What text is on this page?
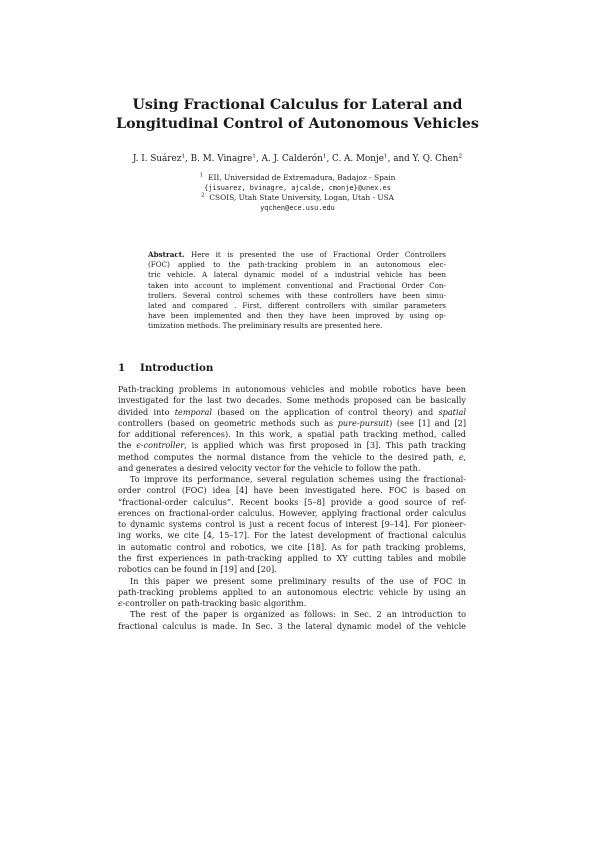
Using Fractional Calculus for Lateral and
Longitudinal Control of Autonomous Vehicles
J. I. Suárez$^1$, B. M. Vinagre$^1$, A. J. Calderón$^1$, C. A. Monje$^1$, and Y. Q. Chen$^2$
$^1$ EII, Universidad de Extremadura, Badajoz - Spain
{jisuarez, bvinagre, ajcalde, cmonje}@unex.es
$^2$ CSOIS, Utah State University, Logan, Utah - USA
yqchen@ece.usu.edu
Abstract. Here it is presented the use of Fractional Order Controllers
(FOC) applied to the path-tracking problem in an autonomous elec-
tric vehicle. A lateral dynamic model of a industrial vehicle has been
taken into account to implement conventional and Fractional Order Con-
trollers. Several control schemes with these controllers have been simu-
lated and compared . First, different controllers with similar parameters
have been implemented and then they have been improved by using op-
timization methods. The preliminary results are presented here.
1 Introduction
Path-tracking problems in autonomous vehicles and mobile robotics have been
investigated for the last two decades. Some methods proposed can be basically
divided into temporal (based on the application of control theory) and spatial
controllers (based on geometric methods such as pure-pursuit) (see [1] and [2]
for additional references). In this work, a spatial path tracking method, called
the ϵ-controller, is applied which was first proposed in [3]. This path tracking
method computes the normal distance from the vehicle to the desired path, ϵ,
and generates a desired velocity vector for the vehicle to follow the path.
To improve its performance, several regulation schemes using the fractional-
order control (FOC) idea [4] have been investigated here. FOC is based on
“fractional-order calculus”. Recent books [5–8] provide a good source of ref-
erences on fractional-order calculus. However, applying fractional order calculus
to dynamic systems control is just a recent focus of interest [9–14]. For pioneer-
ing works, we cite [4, 15–17]. For the latest development of fractional calculus
in automatic control and robotics, we cite [18]. As for path tracking problems,
the first experiences in path-tracking applied to XY cutting tables and mobile
robotics can be found in [19] and [20].
In this paper we present some preliminary results of the use of FOC in
path-tracking problems applied to an autonomous electric vehicle by using an
ϵ-controller on path-tracking basic algorithm.
The rest of the paper is organized as follows: in Sec. 2 an introduction to
fractional calculus is made. In Sec. 3 the lateral dynamic model of the vehicle
